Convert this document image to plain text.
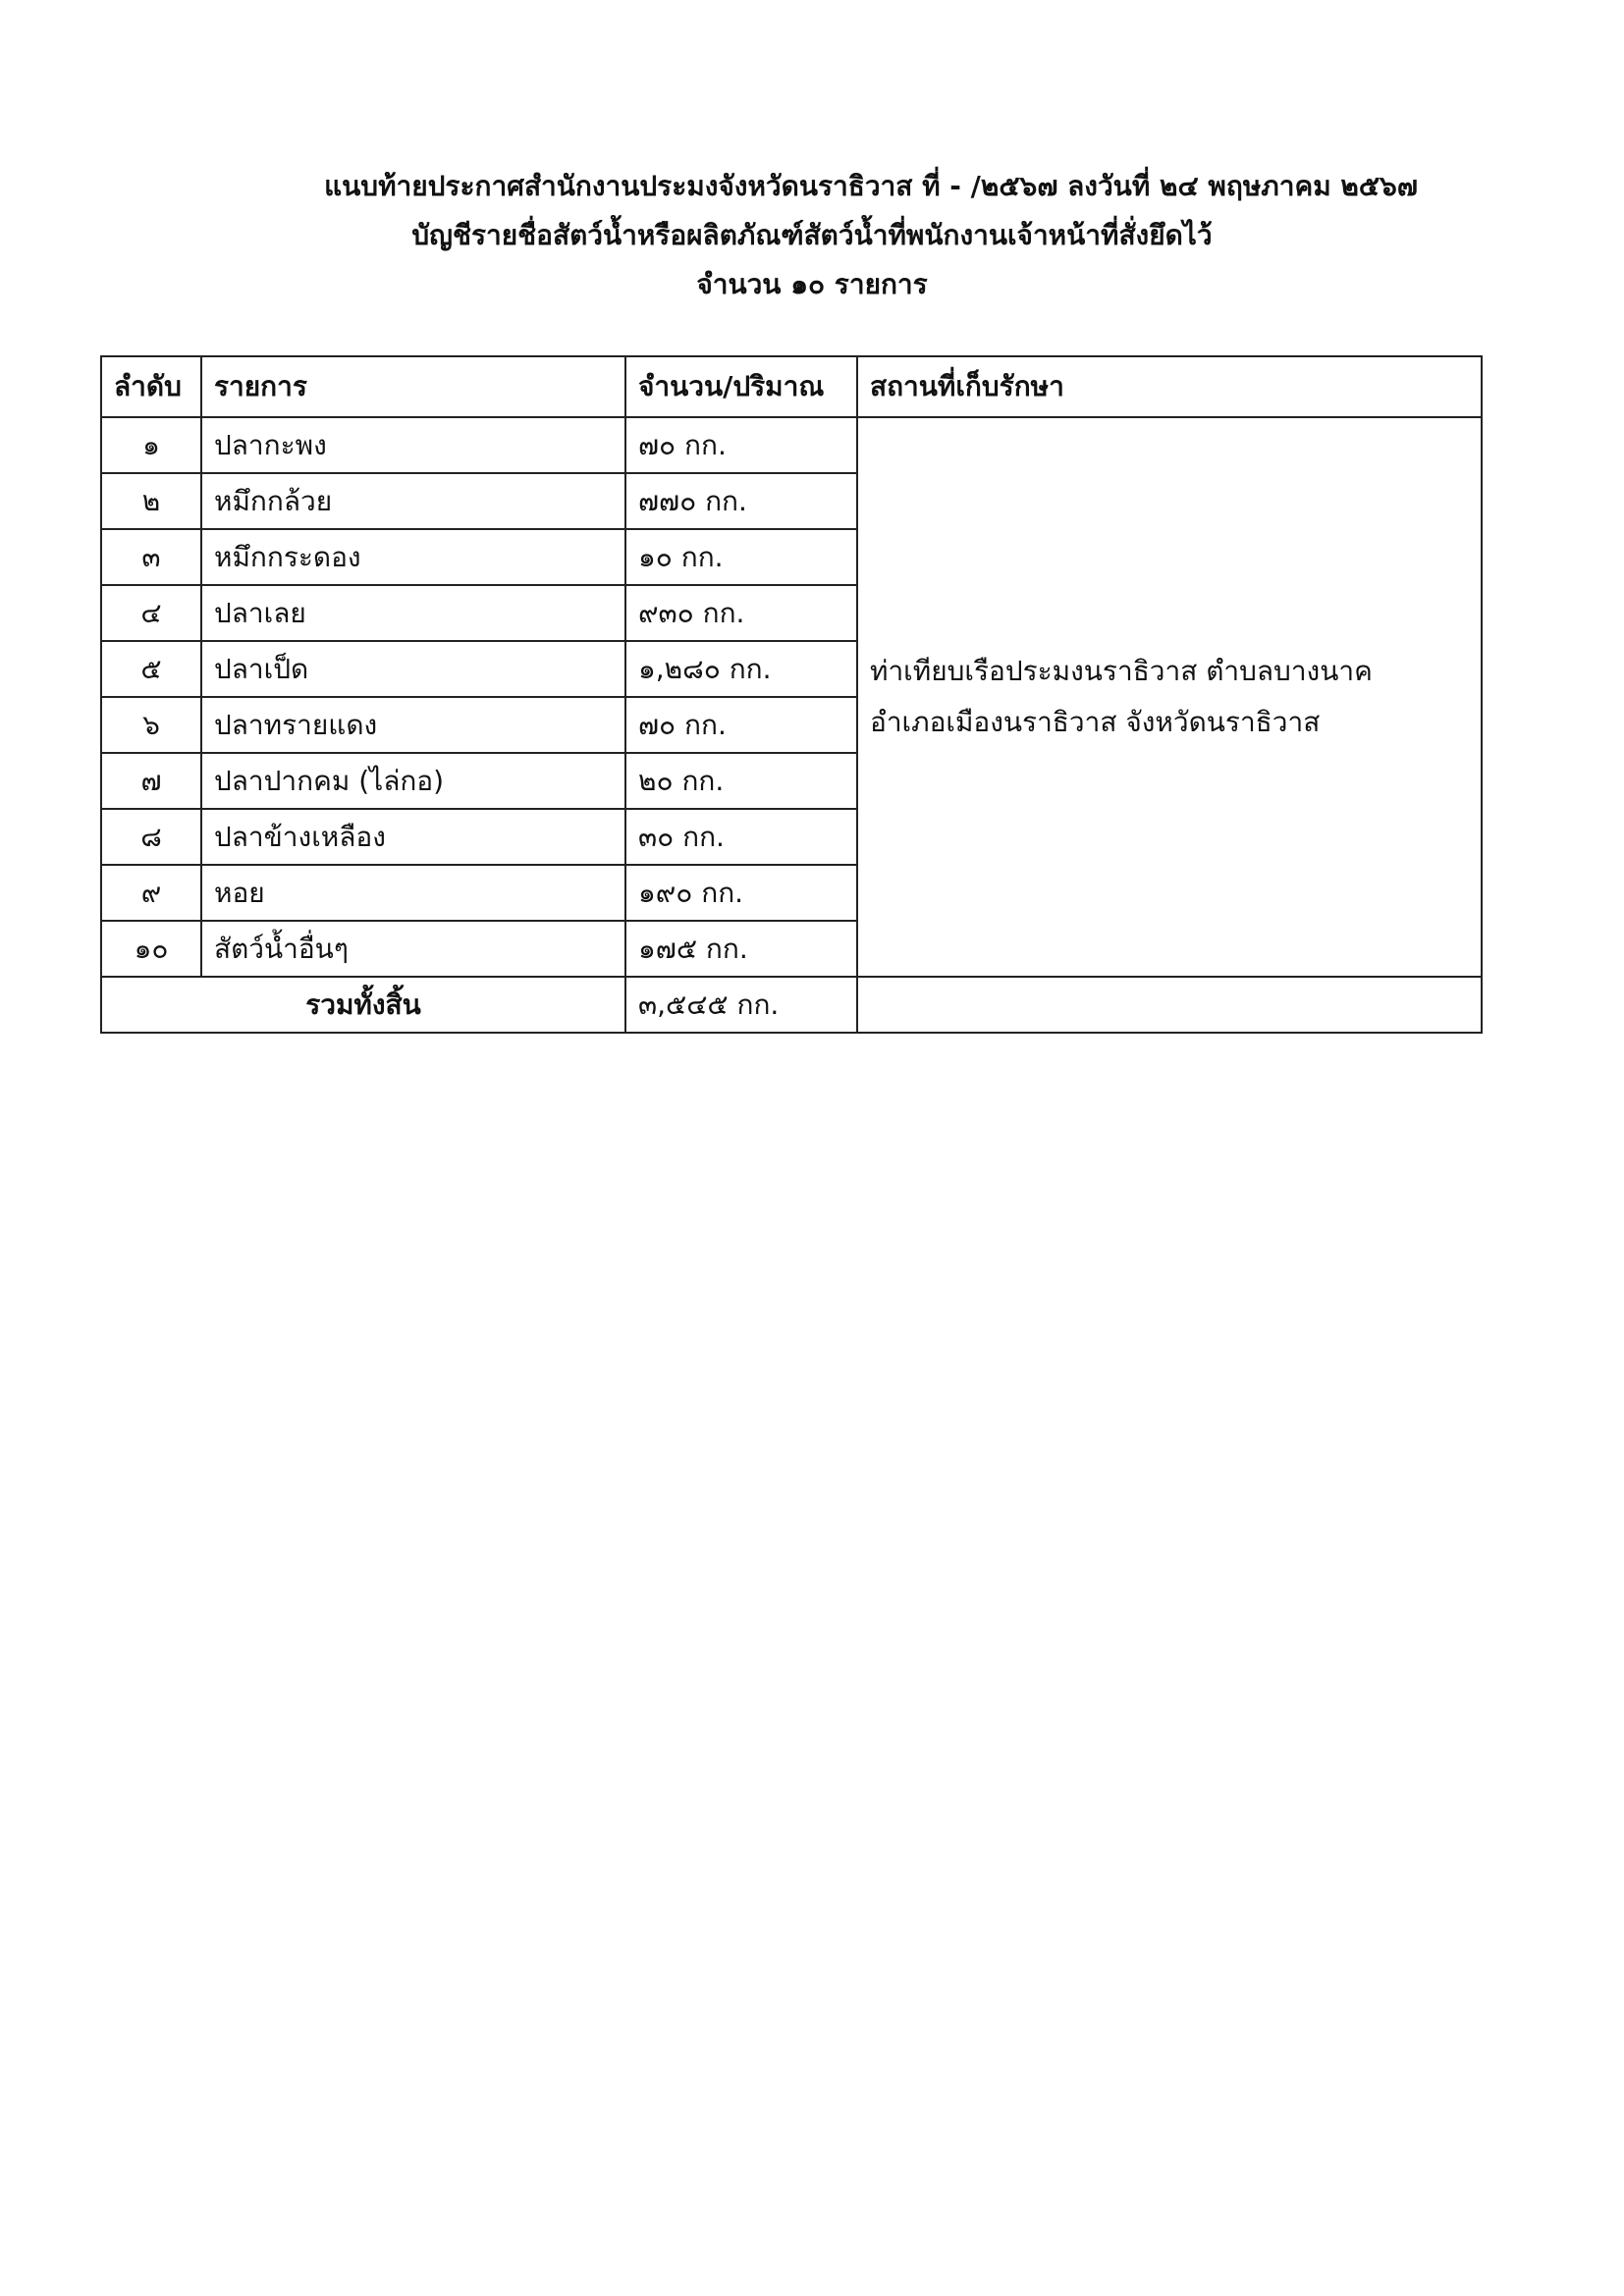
แนบท้ายประกาศสำนักงานประมงจังหวัดนราธิวาส ที่ - /๒๕๖๗ ลงวันที่ ๒๔ พฤษภาคม ๒๕๖๗
บัญชีรายชื่อสัตว์น้ำหรือผลิตภัณฑ์สัตว์น้ำที่พนักงานเจ้าหน้าที่สั่งยึดไว้
จำนวน ๑๐ รายการ
ลำดับ	รายการ	จำนวน/ปริมาณ	สถานที่เก็บรักษา
๑	ปลากะพง	๗๐ กก.	ท่าเทียบเรือประมงนราธิวาส ตำบลบางนาค
อำเภอเมืองนราธิวาส จังหวัดนราธิวาส

๒	หมึกกล้วย	๗๗๐ กก.	
๓	หมึกกระดอง	๑๐ กก.	
๔	ปลาเลย	๙๓๐ กก.	
๕	ปลาเป็ด	๑,๒๘๐ กก.	
๖	ปลาทรายแดง	๗๐ กก.	
๗	ปลาปากคม (ไล่กอ)	๒๐ กก.	
๘	ปลาข้างเหลือง	๓๐ กก.	
๙	หอย	๑๙๐ กก.	
๑๐	สัตว์น้ำอื่นๆ	๑๗๕ กก.	
รวมทั้งสิ้น		๓,๕๔๕ กก.	
